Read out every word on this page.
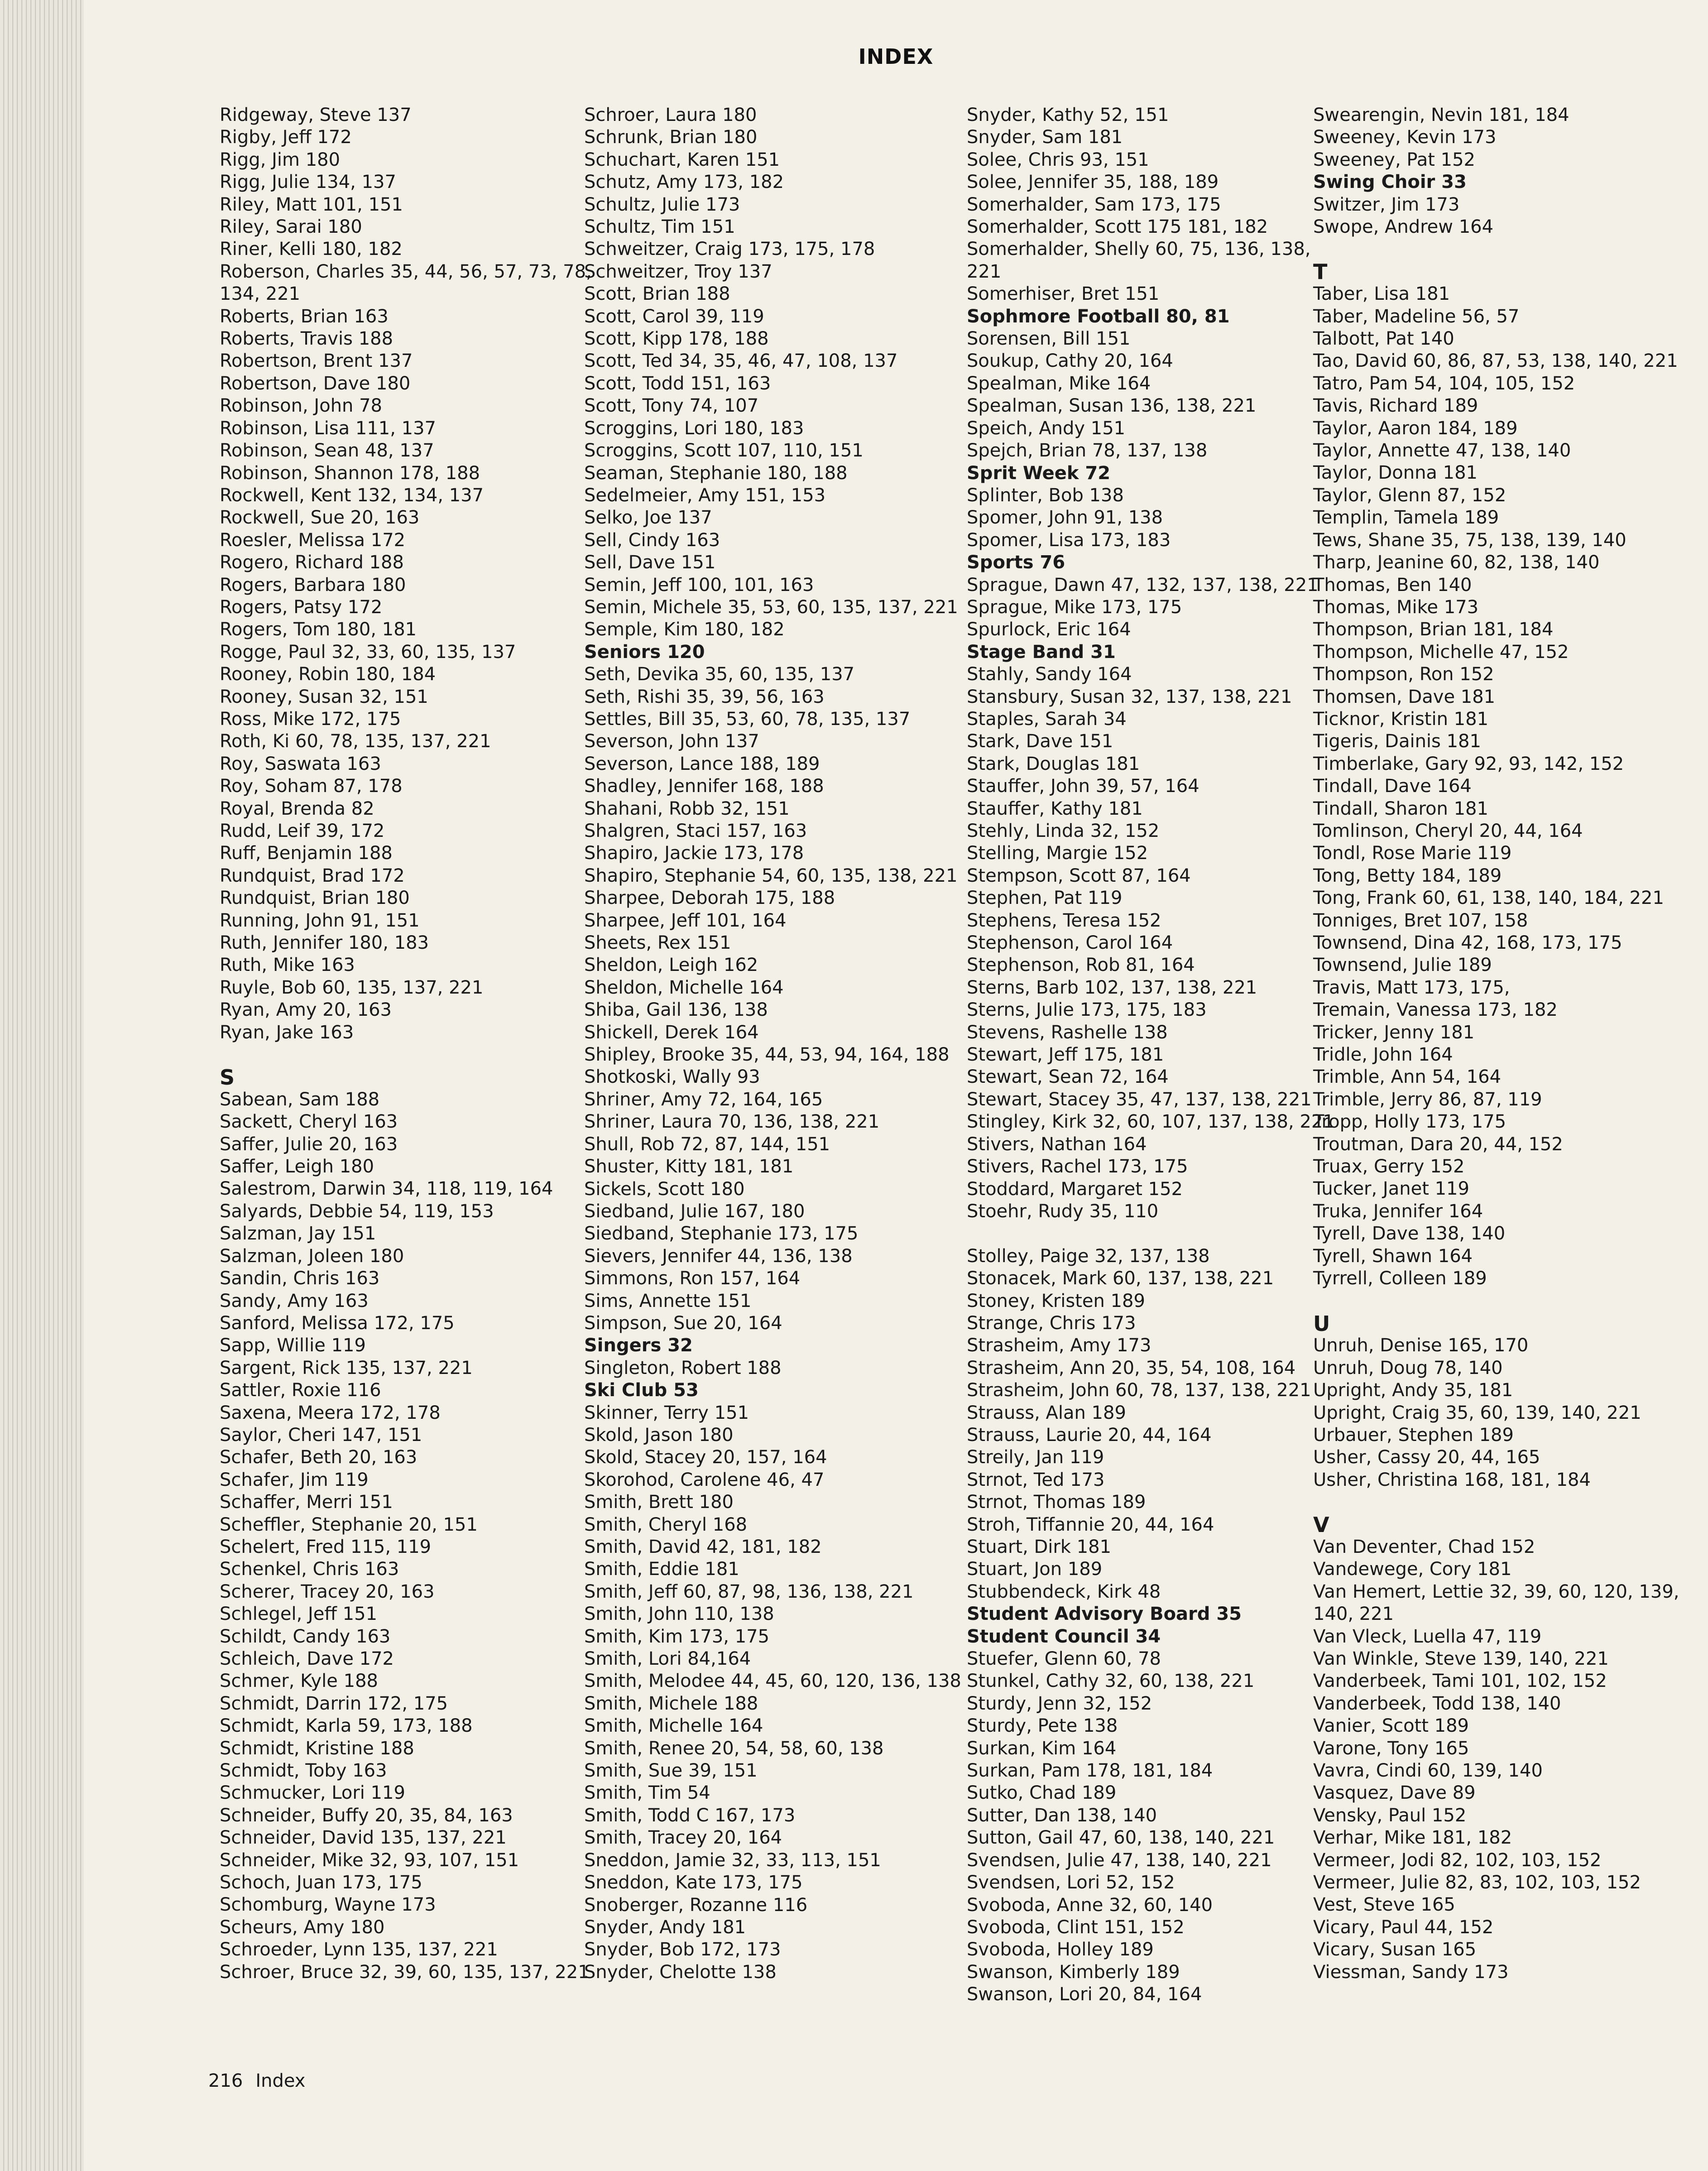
INDEX
Ridgeway, Steve 137
Rigby, Jeff 172
Rigg, Jim 180
Rigg, Julie 134, 137
Riley, Matt 101, 151
Riley, Sarai 180
Riner, Kelli 180, 182
Roberson, Charles 35, 44, 56, 57, 73, 78,
134, 221
Roberts, Brian 163
Roberts, Travis 188
Robertson, Brent 137
Robertson, Dave 180
Robinson, John 78
Robinson, Lisa 111, 137
Robinson, Sean 48, 137
Robinson, Shannon 178, 188
Rockwell, Kent 132, 134, 137
Rockwell, Sue 20, 163
Roesler, Melissa 172
Rogero, Richard 188
Rogers, Barbara 180
Rogers, Patsy 172
Rogers, Tom 180, 181
Rogge, Paul 32, 33, 60, 135, 137
Rooney, Robin 180, 184
Rooney, Susan 32, 151
Ross, Mike 172, 175
Roth, Ki 60, 78, 135, 137, 221
Roy, Saswata 163
Roy, Soham 87, 178
Royal, Brenda 82
Rudd, Leif 39, 172
Ruff, Benjamin 188
Rundquist, Brad 172
Rundquist, Brian 180
Running, John 91, 151
Ruth, Jennifer 180, 183
Ruth, Mike 163
Ruyle, Bob 60, 135, 137, 221
Ryan, Amy 20, 163
Ryan, Jake 163
S
Sabean, Sam 188
Sackett, Cheryl 163
Saffer, Julie 20, 163
Saffer, Leigh 180
Salestrom, Darwin 34, 118, 119, 164
Salyards, Debbie 54, 119, 153
Salzman, Jay 151
Salzman, Joleen 180
Sandin, Chris 163
Sandy, Amy 163
Sanford, Melissa 172, 175
Sapp, Willie 119
Sargent, Rick 135, 137, 221
Sattler, Roxie 116
Saxena, Meera 172, 178
Saylor, Cheri 147, 151
Schafer, Beth 20, 163
Schafer, Jim 119
Schaffer, Merri 151
Scheffler, Stephanie 20, 151
Schelert, Fred 115, 119
Schenkel, Chris 163
Scherer, Tracey 20, 163
Schlegel, Jeff 151
Schildt, Candy 163
Schleich, Dave 172
Schmer, Kyle 188
Schmidt, Darrin 172, 175
Schmidt, Karla 59, 173, 188
Schmidt, Kristine 188
Schmidt, Toby 163
Schmucker, Lori 119
Schneider, Buffy 20, 35, 84, 163
Schneider, David 135, 137, 221
Schneider, Mike 32, 93, 107, 151
Schoch, Juan 173, 175
Schomburg, Wayne 173
Scheurs, Amy 180
Schroeder, Lynn 135, 137, 221
Schroer, Bruce 32, 39, 60, 135, 137, 221
Schroer, Laura 180
Schrunk, Brian 180
Schuchart, Karen 151
Schutz, Amy 173, 182
Schultz, Julie 173
Schultz, Tim 151
Schweitzer, Craig 173, 175, 178
Schweitzer, Troy 137
Scott, Brian 188
Scott, Carol 39, 119
Scott, Kipp 178, 188
Scott, Ted 34, 35, 46, 47, 108, 137
Scott, Todd 151, 163
Scott, Tony 74, 107
Scroggins, Lori 180, 183
Scroggins, Scott 107, 110, 151
Seaman, Stephanie 180, 188
Sedelmeier, Amy 151, 153
Selko, Joe 137
Sell, Cindy 163
Sell, Dave 151
Semin, Jeff 100, 101, 163
Semin, Michele 35, 53, 60, 135, 137, 221
Semple, Kim 180, 182
Seniors 120
Seth, Devika 35, 60, 135, 137
Seth, Rishi 35, 39, 56, 163
Settles, Bill 35, 53, 60, 78, 135, 137
Severson, John 137
Severson, Lance 188, 189
Shadley, Jennifer 168, 188
Shahani, Robb 32, 151
Shalgren, Staci 157, 163
Shapiro, Jackie 173, 178
Shapiro, Stephanie 54, 60, 135, 138, 221
Sharpee, Deborah 175, 188
Sharpee, Jeff 101, 164
Sheets, Rex 151
Sheldon, Leigh 162
Sheldon, Michelle 164
Shiba, Gail 136, 138
Shickell, Derek 164
Shipley, Brooke 35, 44, 53, 94, 164, 188
Shotkoski, Wally 93
Shriner, Amy 72, 164, 165
Shriner, Laura 70, 136, 138, 221
Shull, Rob 72, 87, 144, 151
Shuster, Kitty 181, 181
Sickels, Scott 180
Siedband, Julie 167, 180
Siedband, Stephanie 173, 175
Sievers, Jennifer 44, 136, 138
Simmons, Ron 157, 164
Sims, Annette 151
Simpson, Sue 20, 164
Singers 32
Singleton, Robert 188
Ski Club 53
Skinner, Terry 151
Skold, Jason 180
Skold, Stacey 20, 157, 164
Skorohod, Carolene 46, 47
Smith, Brett 180
Smith, Cheryl 168
Smith, David 42, 181, 182
Smith, Eddie 181
Smith, Jeff 60, 87, 98, 136, 138, 221
Smith, John 110, 138
Smith, Kim 173, 175
Smith, Lori 84,164
Smith, Melodee 44, 45, 60, 120, 136, 138
Smith, Michele 188
Smith, Michelle 164
Smith, Renee 20, 54, 58, 60, 138
Smith, Sue 39, 151
Smith, Tim 54
Smith, Todd C 167, 173
Smith, Tracey 20, 164
Sneddon, Jamie 32, 33, 113, 151
Sneddon, Kate 173, 175
Snoberger, Rozanne 116
Snyder, Andy 181
Snyder, Bob 172, 173
Snyder, Chelotte 138
Snyder, Kathy 52, 151
Snyder, Sam 181
Solee, Chris 93, 151
Solee, Jennifer 35, 188, 189
Somerhalder, Sam 173, 175
Somerhalder, Scott 175 181, 182
Somerhalder, Shelly 60, 75, 136, 138,
221
Somerhiser, Bret 151
Sophmore Football 80, 81
Sorensen, Bill 151
Soukup, Cathy 20, 164
Spealman, Mike 164
Spealman, Susan 136, 138, 221
Speich, Andy 151
Spejch, Brian 78, 137, 138
Sprit Week 72
Splinter, Bob 138
Spomer, John 91, 138
Spomer, Lisa 173, 183
Sports 76
Sprague, Dawn 47, 132, 137, 138, 221
Sprague, Mike 173, 175
Spurlock, Eric 164
Stage Band 31
Stahly, Sandy 164
Stansbury, Susan 32, 137, 138, 221
Staples, Sarah 34
Stark, Dave 151
Stark, Douglas 181
Stauffer, John 39, 57, 164
Stauffer, Kathy 181
Stehly, Linda 32, 152
Stelling, Margie 152
Stempson, Scott 87, 164
Stephen, Pat 119
Stephens, Teresa 152
Stephenson, Carol 164
Stephenson, Rob 81, 164
Sterns, Barb 102, 137, 138, 221
Sterns, Julie 173, 175, 183
Stevens, Rashelle 138
Stewart, Jeff 175, 181
Stewart, Sean 72, 164
Stewart, Stacey 35, 47, 137, 138, 221
Stingley, Kirk 32, 60, 107, 137, 138, 221
Stivers, Nathan 164
Stivers, Rachel 173, 175
Stoddard, Margaret 152
Stoehr, Rudy 35, 110

Stolley, Paige 32, 137, 138
Stonacek, Mark 60, 137, 138, 221
Stoney, Kristen 189
Strange, Chris 173
Strasheim, Amy 173
Strasheim, Ann 20, 35, 54, 108, 164
Strasheim, John 60, 78, 137, 138, 221
Strauss, Alan 189
Strauss, Laurie 20, 44, 164
Streily, Jan 119
Strnot, Ted 173
Strnot, Thomas 189
Stroh, Tiffannie 20, 44, 164
Stuart, Dirk 181
Stuart, Jon 189
Stubbendeck, Kirk 48
Student Advisory Board 35
Student Council 34
Stuefer, Glenn 60, 78
Stunkel, Cathy 32, 60, 138, 221
Sturdy, Jenn 32, 152
Sturdy, Pete 138
Surkan, Kim 164
Surkan, Pam 178, 181, 184
Sutko, Chad 189
Sutter, Dan 138, 140
Sutton, Gail 47, 60, 138, 140, 221
Svendsen, Julie 47, 138, 140, 221
Svendsen, Lori 52, 152
Svoboda, Anne 32, 60, 140
Svoboda, Clint 151, 152
Svoboda, Holley 189
Swanson, Kimberly 189
Swanson, Lori 20, 84, 164
Swearengin, Nevin 181, 184
Sweeney, Kevin 173
Sweeney, Pat 152
Swing Choir 33
Switzer, Jim 173
Swope, Andrew 164
T
Taber, Lisa 181
Taber, Madeline 56, 57
Talbott, Pat 140
Tao, David 60, 86, 87, 53, 138, 140, 221
Tatro, Pam 54, 104, 105, 152
Tavis, Richard 189
Taylor, Aaron 184, 189
Taylor, Annette 47, 138, 140
Taylor, Donna 181
Taylor, Glenn 87, 152
Templin, Tamela 189
Tews, Shane 35, 75, 138, 139, 140
Tharp, Jeanine 60, 82, 138, 140
Thomas, Ben 140
Thomas, Mike 173
Thompson, Brian 181, 184
Thompson, Michelle 47, 152
Thompson, Ron 152
Thomsen, Dave 181
Ticknor, Kristin 181
Tigeris, Dainis 181
Timberlake, Gary 92, 93, 142, 152
Tindall, Dave 164
Tindall, Sharon 181
Tomlinson, Cheryl 20, 44, 164
Tondl, Rose Marie 119
Tong, Betty 184, 189
Tong, Frank 60, 61, 138, 140, 184, 221
Tonniges, Bret 107, 158
Townsend, Dina 42, 168, 173, 175
Townsend, Julie 189
Travis, Matt 173, 175,
Tremain, Vanessa 173, 182
Tricker, Jenny 181
Tridle, John 164
Trimble, Ann 54, 164
Trimble, Jerry 86, 87, 119
Tropp, Holly 173, 175
Troutman, Dara 20, 44, 152
Truax, Gerry 152
Tucker, Janet 119
Truka, Jennifer 164
Tyrell, Dave 138, 140
Tyrell, Shawn 164
Tyrrell, Colleen 189
U
Unruh, Denise 165, 170
Unruh, Doug 78, 140
Upright, Andy 35, 181
Upright, Craig 35, 60, 139, 140, 221
Urbauer, Stephen 189
Usher, Cassy 20, 44, 165
Usher, Christina 168, 181, 184
V
Van Deventer, Chad 152
Vandewege, Cory 181
Van Hemert, Lettie 32, 39, 60, 120, 139,
140, 221
Van Vleck, Luella 47, 119
Van Winkle, Steve 139, 140, 221
Vanderbeek, Tami 101, 102, 152
Vanderbeek, Todd 138, 140
Vanier, Scott 189
Varone, Tony 165
Vavra, Cindi 60, 139, 140
Vasquez, Dave 89
Vensky, Paul 152
Verhar, Mike 181, 182
Vermeer, Jodi 82, 102, 103, 152
Vermeer, Julie 82, 83, 102, 103, 152
Vest, Steve 165
Vicary, Paul 44, 152
Vicary, Susan 165
Viessman, Sandy 173
216 Index
